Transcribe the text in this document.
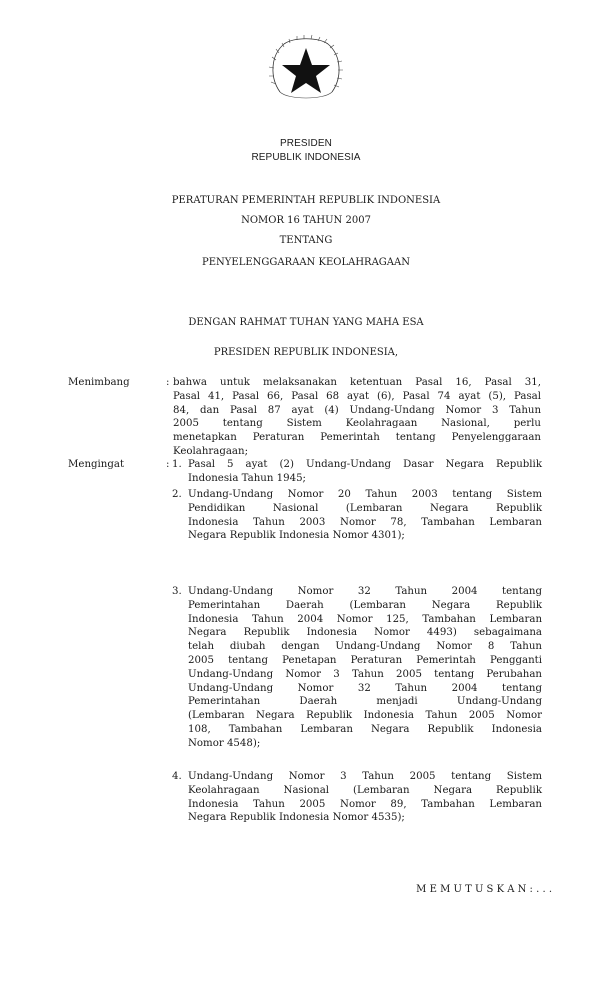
PRESIDEN
REPUBLIK INDONESIA
PERATURAN PEMERINTAH REPUBLIK INDONESIA
NOMOR 16 TAHUN 2007
TENTANG
PENYELENGGARAAN KEOLAHRAGAAN
DENGAN RAHMAT TUHAN YANG MAHA ESA
PRESIDEN REPUBLIK INDONESIA,
Menimbang	: bahwa untuk melaksanakan ketentuan Pasal 16, Pasal 31,
Pasal 41, Pasal 66, Pasal 68 ayat (6), Pasal 74 ayat (5), Pasal
84, dan Pasal 87 ayat (4) Undang-Undang Nomor 3 Tahun
2005 tentang Sistem Keolahragaan Nasional, perlu
menetapkan Peraturan Pemerintah tentang Penyelenggaraan
Keolahragaan;
Mengingat	: 1. Pasal 5 ayat (2) Undang-Undang Dasar Negara Republik
Indonesia Tahun 1945;
2. Undang-Undang Nomor 20 Tahun 2003 tentang Sistem
Pendidikan Nasional (Lembaran Negara Republik
Indonesia Tahun 2003 Nomor 78, Tambahan Lembaran
Negara Republik Indonesia Nomor 4301);
3. Undang-Undang Nomor 32 Tahun 2004 tentang
Pemerintahan Daerah (Lembaran Negara Republik
Indonesia Tahun 2004 Nomor 125, Tambahan Lembaran
Negara Republik Indonesia Nomor 4493) sebagaimana
telah diubah dengan Undang-Undang Nomor 8 Tahun
2005 tentang Penetapan Peraturan Pemerintah Pengganti
Undang-Undang Nomor 3 Tahun 2005 tentang Perubahan
Undang-Undang Nomor 32 Tahun 2004 tentang
Pemerintahan Daerah menjadi Undang-Undang
(Lembaran Negara Republik Indonesia Tahun 2005 Nomor
108, Tambahan Lembaran Negara Republik Indonesia
Nomor 4548);
4. Undang-Undang Nomor 3 Tahun 2005 tentang Sistem
Keolahragaan Nasional (Lembaran Negara Republik
Indonesia Tahun 2005 Nomor 89, Tambahan Lembaran
Negara Republik Indonesia Nomor 4535);
M E M U T U S K A N : . . .
